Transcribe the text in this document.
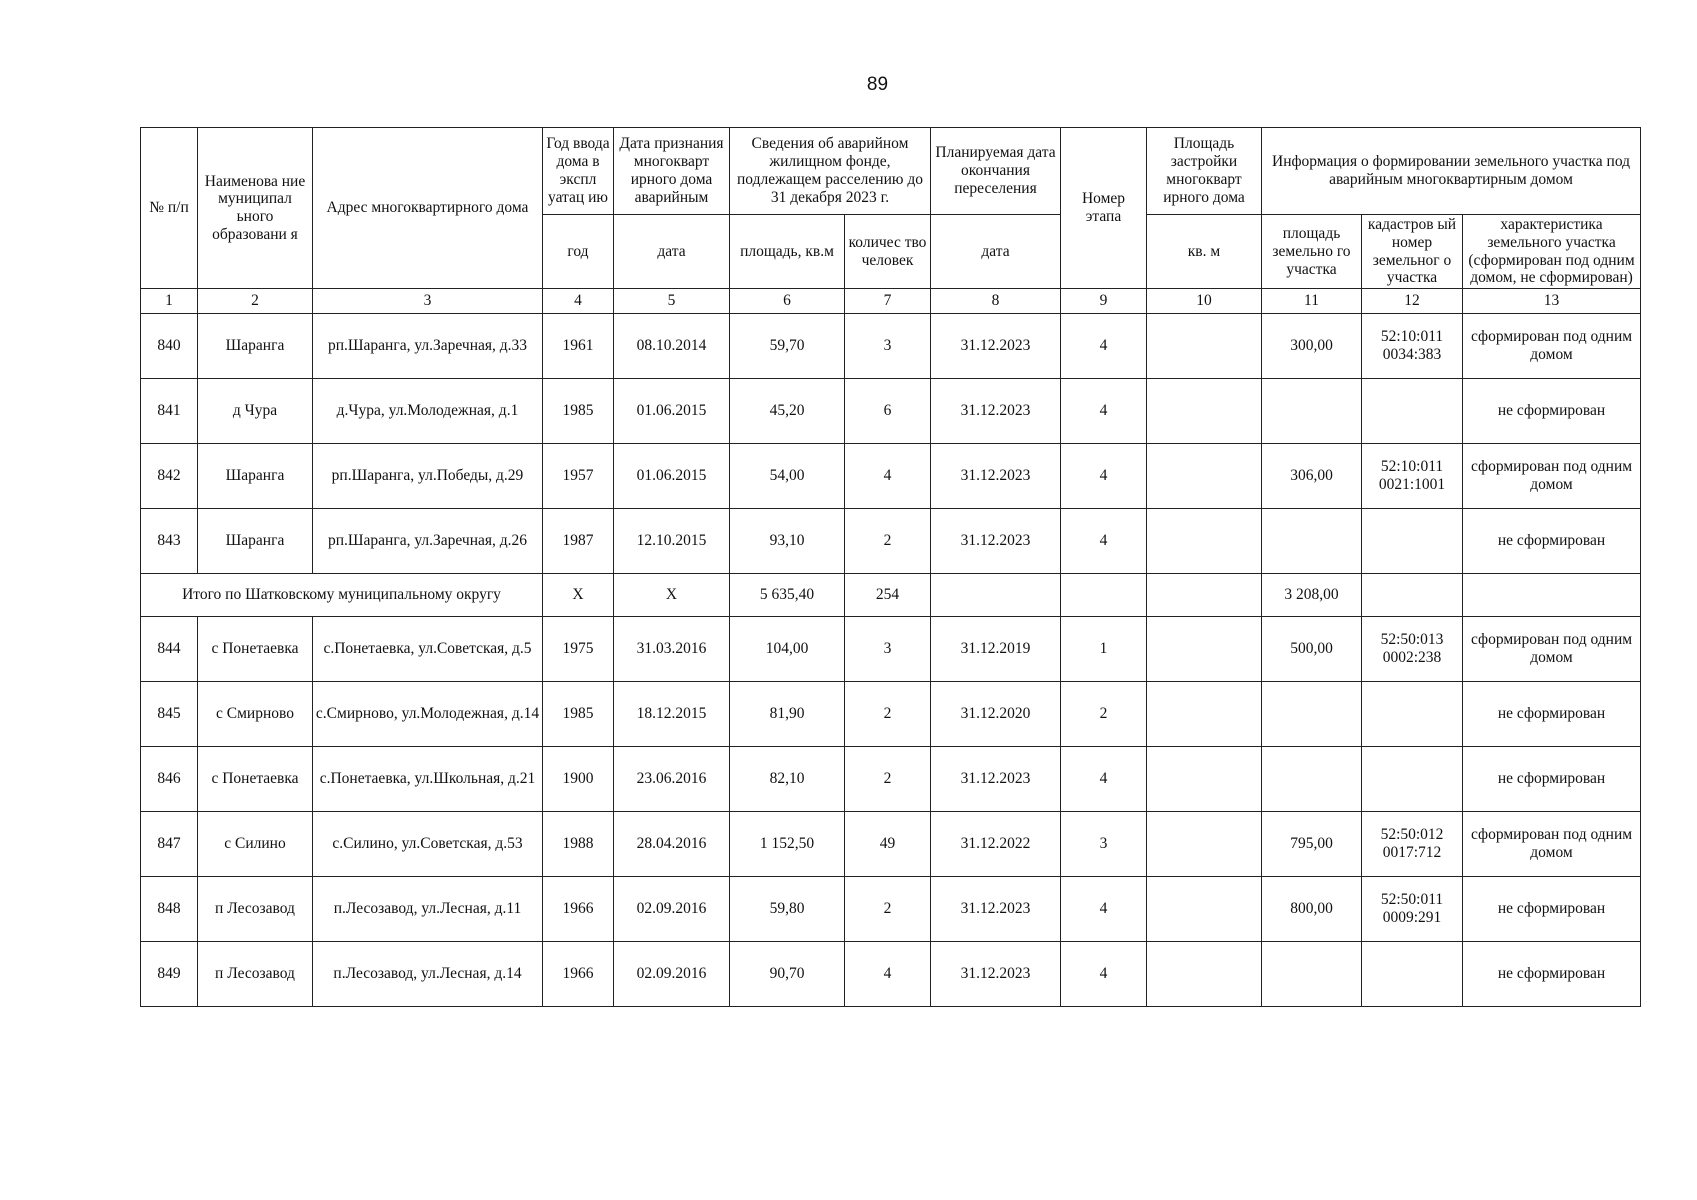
89
№ п/п	Наименова ние муниципал ьного образовани я	Адрес многоквартирного дома	Год ввода дома в экспл уатац ию	Дата признания многокварт ирного дома аварийным	Сведения об аварийном жилищном фонде, подлежащем расселению до 31 декабря 2023 г.		Планируемая дата окончания переселения	Номер этапа	Площадь застройки многокварт ирного дома	Информация о формировании земельного участка под аварийным многоквартирным домом		
			год	дата	площадь, кв.м	количес тво человек	дата		кв. м	площадь земельно го участка	кадастров ый номер земельног о участка	характеристика земельного участка (сформирован под одним домом, не сформирован)

1	2	3	4	5	6	7	8	9	10	11	12	13
840	Шаранга	рп.Шаранга, ул.Заречная, д.33	1961	08.10.2014	59,70	3	31.12.2023	4		300,00	52:10:011 0034:383	сформирован под одним домом
841	д Чура	д.Чура, ул.Молодежная, д.1	1985	01.06.2015	45,20	6	31.12.2023	4				не сформирован
842	Шаранга	рп.Шаранга, ул.Победы, д.29	1957	01.06.2015	54,00	4	31.12.2023	4		306,00	52:10:011 0021:1001	сформирован под одним домом
843	Шаранга	рп.Шаранга, ул.Заречная, д.26	1987	12.10.2015	93,10	2	31.12.2023	4				не сформирован
Итого по Шатковскому муниципальному округу			X	X	5 635,40	254				3 208,00		
844	с Понетаевка	с.Понетаевка, ул.Советская, д.5	1975	31.03.2016	104,00	3	31.12.2019	1		500,00	52:50:013 0002:238	сформирован под одним домом
845	с Смирново	с.Смирново, ул.Молодежная, д.14	1985	18.12.2015	81,90	2	31.12.2020	2				не сформирован
846	с Понетаевка	с.Понетаевка, ул.Школьная, д.21	1900	23.06.2016	82,10	2	31.12.2023	4				не сформирован
847	с Силино	с.Силино, ул.Советская, д.53	1988	28.04.2016	1 152,50	49	31.12.2022	3		795,00	52:50:012 0017:712	сформирован под одним домом
848	п Лесозавод	п.Лесозавод, ул.Лесная, д.11	1966	02.09.2016	59,80	2	31.12.2023	4		800,00	52:50:011 0009:291	не сформирован
849	п Лесозавод	п.Лесозавод, ул.Лесная, д.14	1966	02.09.2016	90,70	4	31.12.2023	4				не сформирован
